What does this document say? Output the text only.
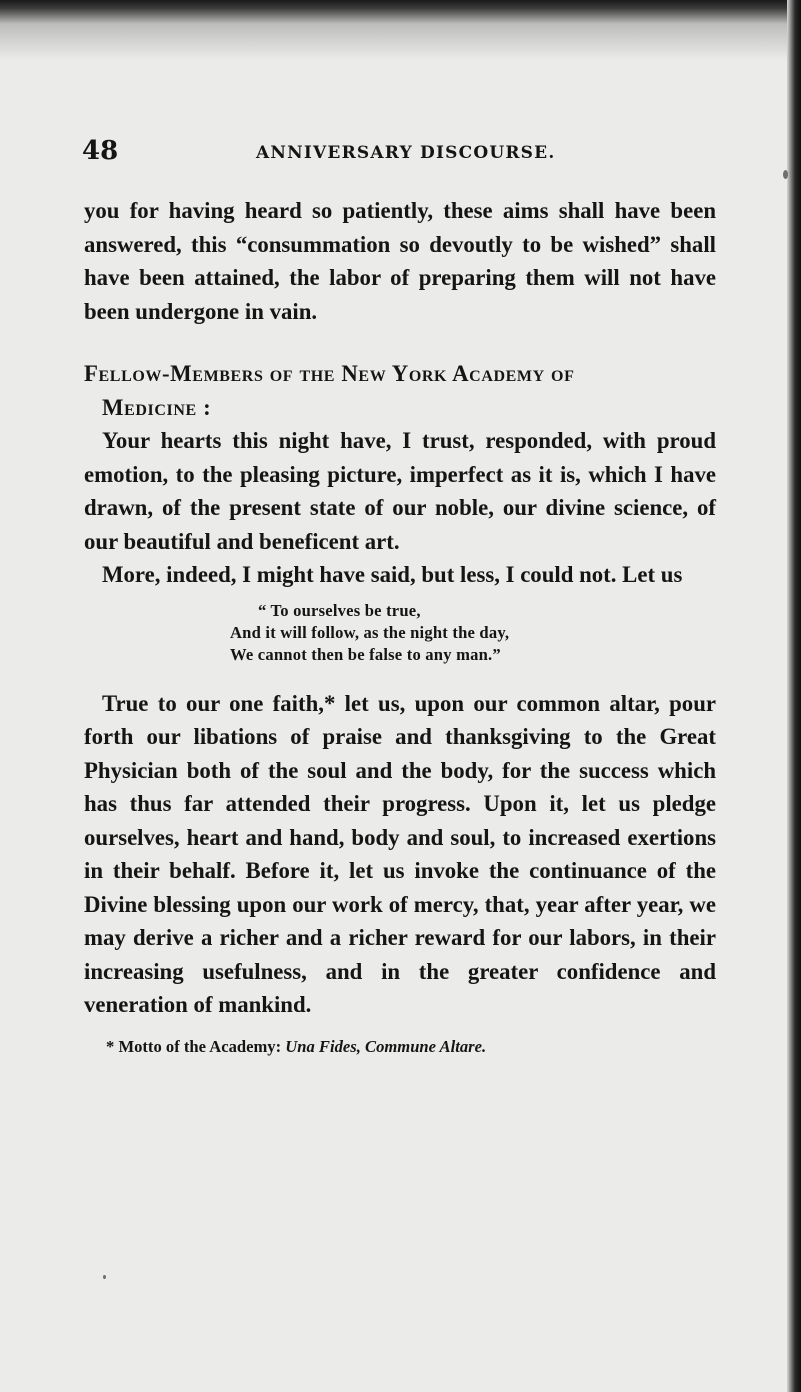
48	ANNIVERSARY DISCOURSE.

you for having heard so patiently, these aims shall have been answered, this “consummation so devoutly to be wished” shall have been attained, the labor of preparing them will not have been undergone in vain.

Fellow-Members of the New York Academy of
Medicine :

Your hearts this night have, I trust, responded, with proud emotion, to the pleasing picture, imperfect as it is, which I have drawn, of the present state of our noble, our divine science, of our beautiful and beneficent art.

More, indeed, I might have said, but less, I could not. Let us

“ To ourselves be true,
And it will follow, as the night the day,
We cannot then be false to any man.”

True to our one faith,* let us, upon our common altar, pour forth our libations of praise and thanksgiving to the Great Physician both of the soul and the body, for the success which has thus far attended their progress. Upon it, let us pledge ourselves, heart and hand, body and soul, to increased exertions in their behalf. Before it, let us invoke the continuance of the Divine blessing upon our work of mercy, that, year after year, we may derive a richer and a richer reward for our labors, in their increasing usefulness, and in the greater confidence and veneration of mankind.

* Motto of the Academy: Una Fides, Commune Altare.
